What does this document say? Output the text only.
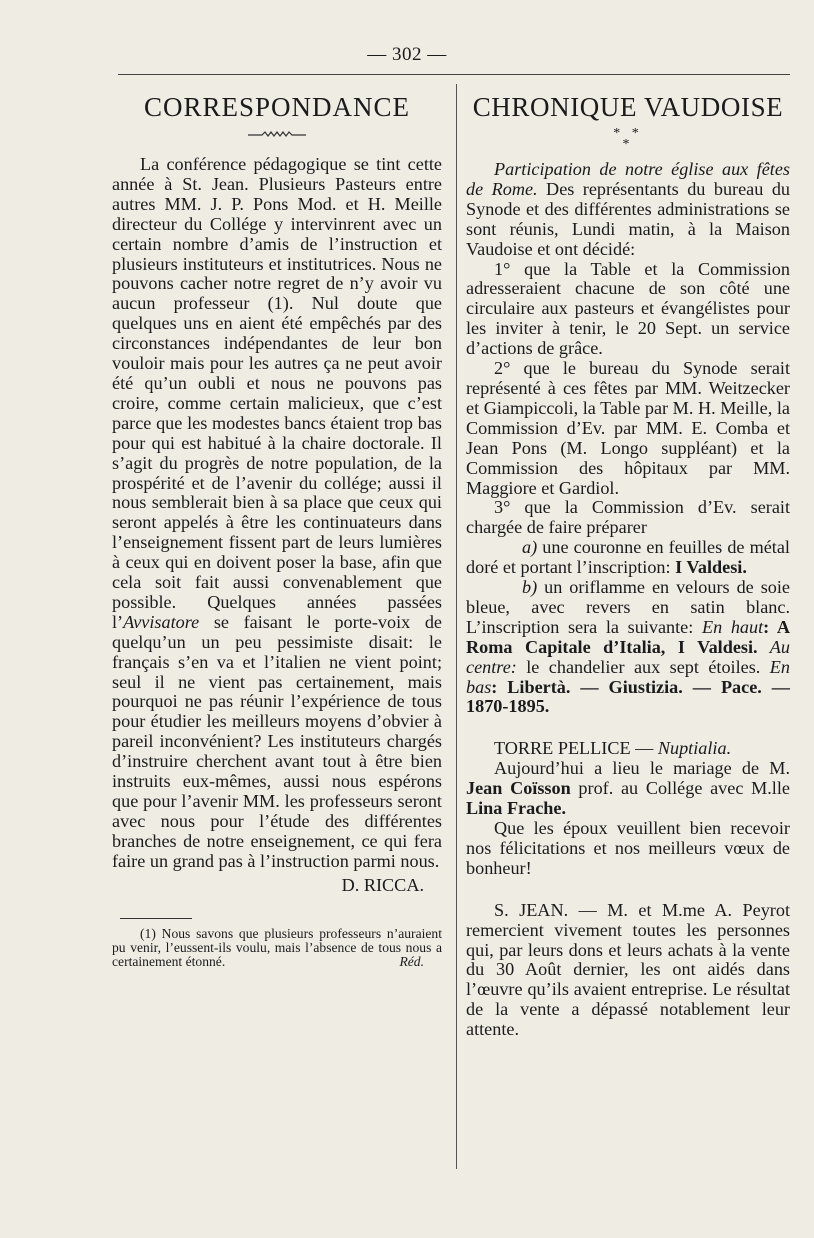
— 302 —
CORRESPONDANCE

La conférence pédagogique se tint cette année à St. Jean. Plusieurs Pasteurs entre autres MM. J. P. Pons Mod. et H. Meille directeur du Collége y intervinrent avec un certain nombre d’amis de l’instruction et plusieurs instituteurs et institutrices. Nous ne pouvons cacher notre regret de n’y avoir vu aucun professeur (1). Nul doute que quelques uns en aient été empêchés par des circonstances indépendantes de leur bon vouloir mais pour les autres ça ne peut avoir été qu’un oubli et nous ne pouvons pas croire, comme certain malicieux, que c’est parce que les modestes bancs étaient trop bas pour qui est habitué à la chaire doctorale. Il s’agit du progrès de notre population, de la prospérité et de l’avenir du collége; aussi il nous semblerait bien à sa place que ceux qui seront appelés à être les continuateurs dans l’enseignement fissent part de leurs lumières à ceux qui en doivent poser la base, afin que cela soit fait aussi convenablement que possible. Quelques années passées l’Avvisatore se faisant le porte-voix de quelqu’un un peu pessimiste disait: le français s’en va et l’italien ne vient point; seul il ne vient pas certainement, mais pourquoi ne pas réunir l’expérience de tous pour étudier les meilleurs moyens d’obvier à pareil inconvénient? Les instituteurs chargés d’instruire cherchent avant tout à être bien instruits eux-mêmes, aussi nous espérons que pour l’avenir MM. les professeurs seront avec nous pour l’étude des différentes branches de notre enseignement, ce qui fera faire un grand pas à l’instruction parmi nous.

D. RICCA.

(1) Nous savons que plusieurs professeurs n’auraient pu venir, l’eussent-ils voulu, mais l’absence de tous nous a certainement étonné.	Réd.

CHRONIQUE VAUDOISE
* *
*

Participation de notre église aux fêtes de Rome. Des représentants du bureau du Synode et des différentes administrations se sont réunis, Lundi matin, à la Maison Vaudoise et ont décidé:

1° que la Table et la Commission adresseraient chacune de son côté une circulaire aux pasteurs et évangélistes pour les inviter à tenir, le 20 Sept. un service d’actions de grâce.

2° que le bureau du Synode serait représenté à ces fêtes par MM. Weitzecker et Giampiccoli, la Table par M. H. Meille, la Commission d’Ev. par MM. E. Comba et Jean Pons (M. Longo suppléant) et la Commission des hôpitaux par MM. Maggiore et Gardiol.

3° que la Commission d’Ev. serait chargée de faire préparer

a) une couronne en feuilles de métal doré et portant l’inscription: I Valdesi.

b) un oriflamme en velours de soie bleue, avec revers en satin blanc. L’inscription sera la suivante: En haut: A Roma Capitale d’Italia, I Valdesi. Au centre: le chandelier aux sept étoiles. En bas: Libertà. — Giustizia. — Pace. — 1870-1895.

TORRE PELLICE — Nuptialia.

Aujourd’hui a lieu le mariage de M. Jean Coïsson prof. au Collége avec M.lle Lina Frache.

Que les époux veuillent bien recevoir nos félicitations et nos meilleurs vœux de bonheur!

S. JEAN. — M. et M.me A. Peyrot remercient vivement toutes les personnes qui, par leurs dons et leurs achats à la vente du 30 Août dernier, les ont aidés dans l’œuvre qu’ils avaient entreprise. Le résultat de la vente a dépassé notablement leur attente.
